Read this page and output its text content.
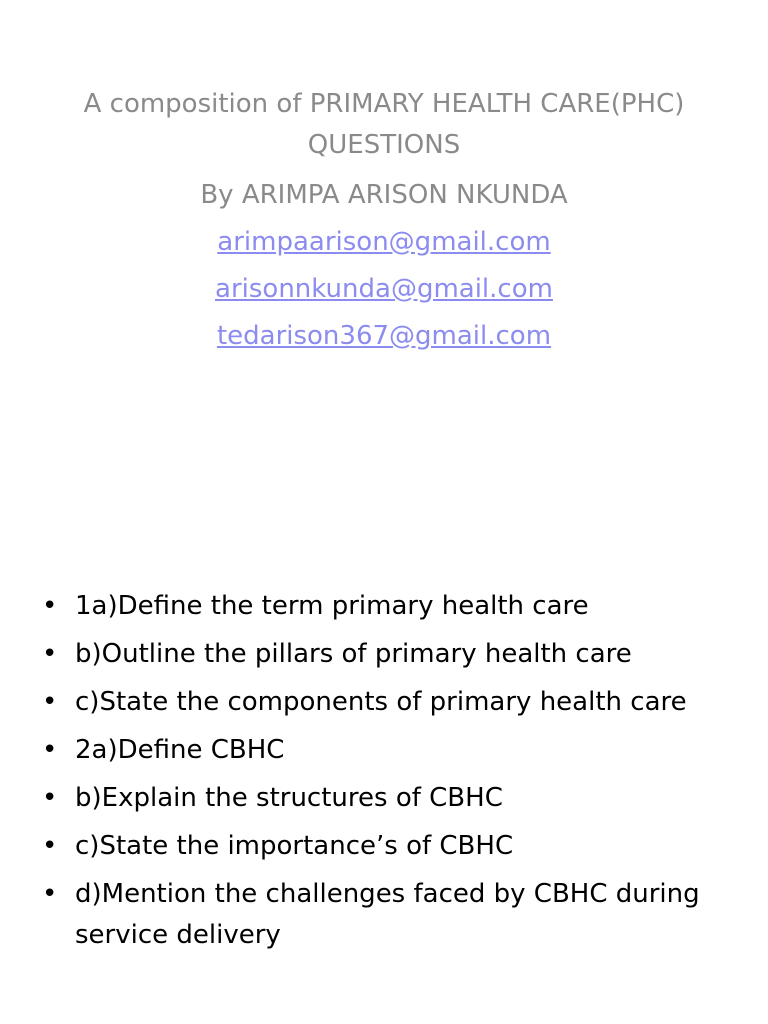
A composition of PRIMARY HEALTH CARE(PHC) QUESTIONS
By ARIMPA ARISON NKUNDA
arimpaarison@gmail.com
arisonnkunda@gmail.com
tedarison367@gmail.com
• 1a)Define the term primary health care
• b)Outline the pillars of primary health care
• c)State the components of primary health care
• 2a)Define CBHC
• b)Explain the structures of CBHC
• c)State the importance’s of CBHC
• d)Mention the challenges faced by CBHC during service delivery
